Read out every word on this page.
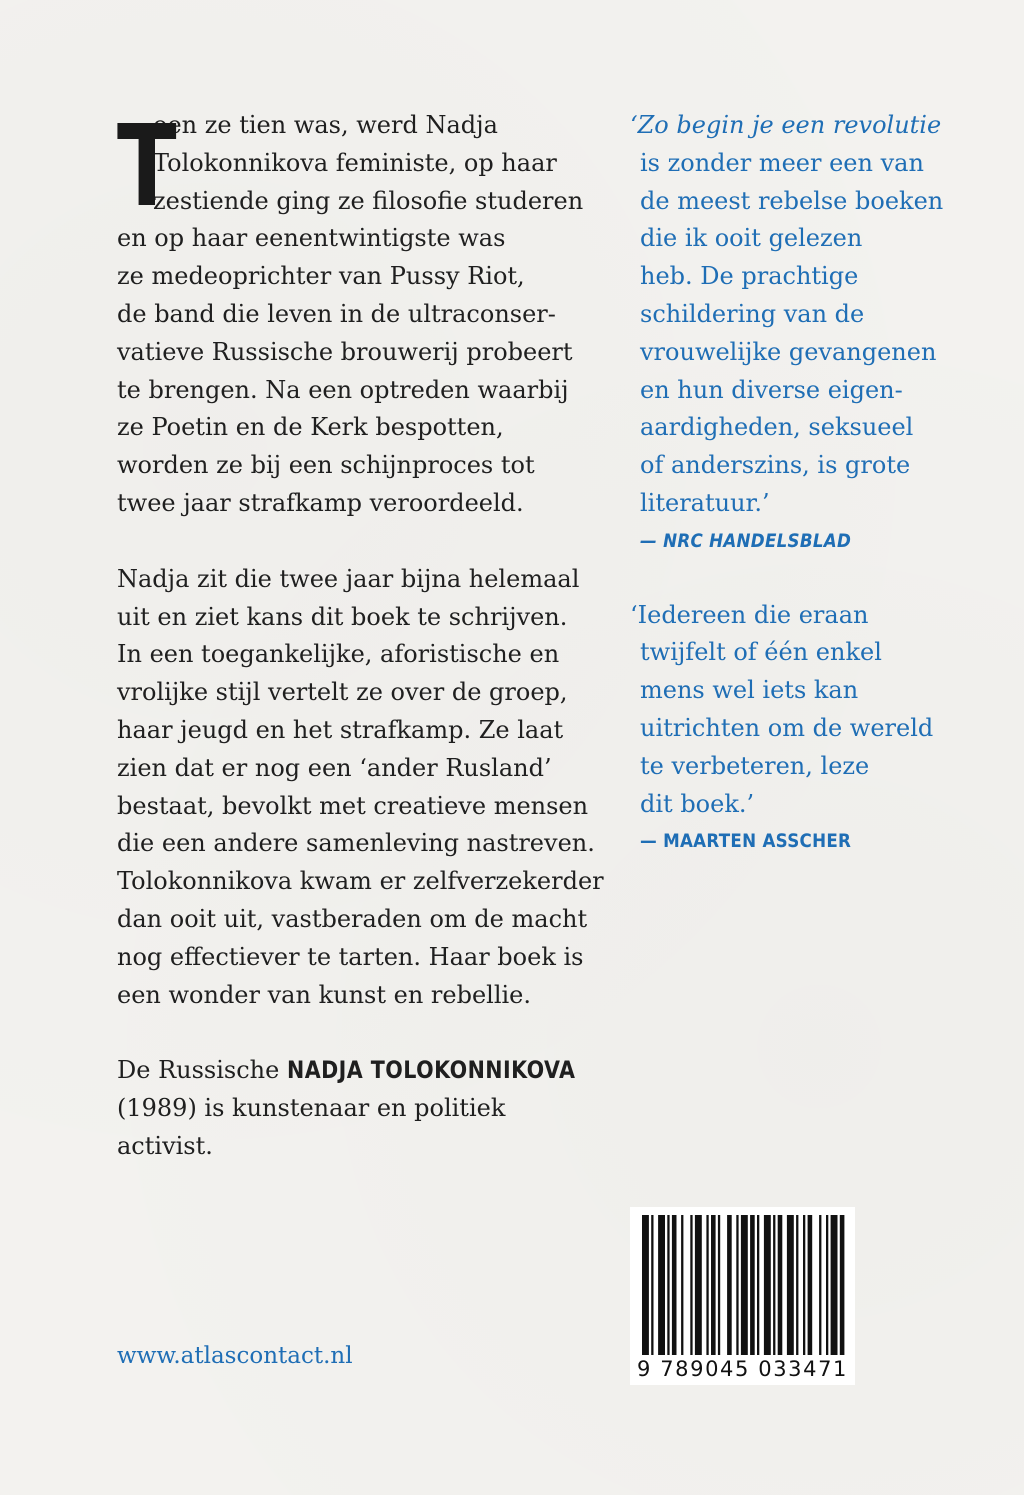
T
oen ze tien was, werd Nadja
Tolokonnikova feministe, op haar
zestiende ging ze filosofie studeren
en op haar eenentwintigste was
ze medeoprichter van Pussy Riot,
de band die leven in de ultraconser-
vatieve Russische brouwerij probeert
te brengen. Na een optreden waarbij
ze Poetin en de Kerk bespotten,
worden ze bij een schijnproces tot
twee jaar strafkamp veroordeeld.

Nadja zit die twee jaar bijna helemaal
uit en ziet kans dit boek te schrijven.
In een toegankelijke, aforistische en
vrolijke stijl vertelt ze over de groep,
haar jeugd en het strafkamp. Ze laat
zien dat er nog een ‘ander Rusland’
bestaat, bevolkt met creatieve mensen
die een andere samenleving nastreven.
Tolokonnikova kwam er zelfverzekerder
dan ooit uit, vastberaden om de macht
nog effectiever te tarten. Haar boek is
een wonder van kunst en rebellie.

De Russische NADJA TOLOKONNIKOVA
(1989) is kunstenaar en politiek
activist.

‘Zo begin je een revolutie
is zonder meer een van
de meest rebelse boeken
die ik ooit gelezen
heb. De prachtige
schildering van de
vrouwelijke gevangenen
en hun diverse eigen-
aardigheden, seksueel
of anderszins, is grote
literatuur.’
— NRC HANDELSBLAD
‘Iedereen die eraan
twijfelt of één enkel
mens wel iets kan
uitrichten om de wereld
te verbeteren, leze
dit boek.’
— MAARTEN ASSCHER
www.atlascontact.nl	9 789045 033471
